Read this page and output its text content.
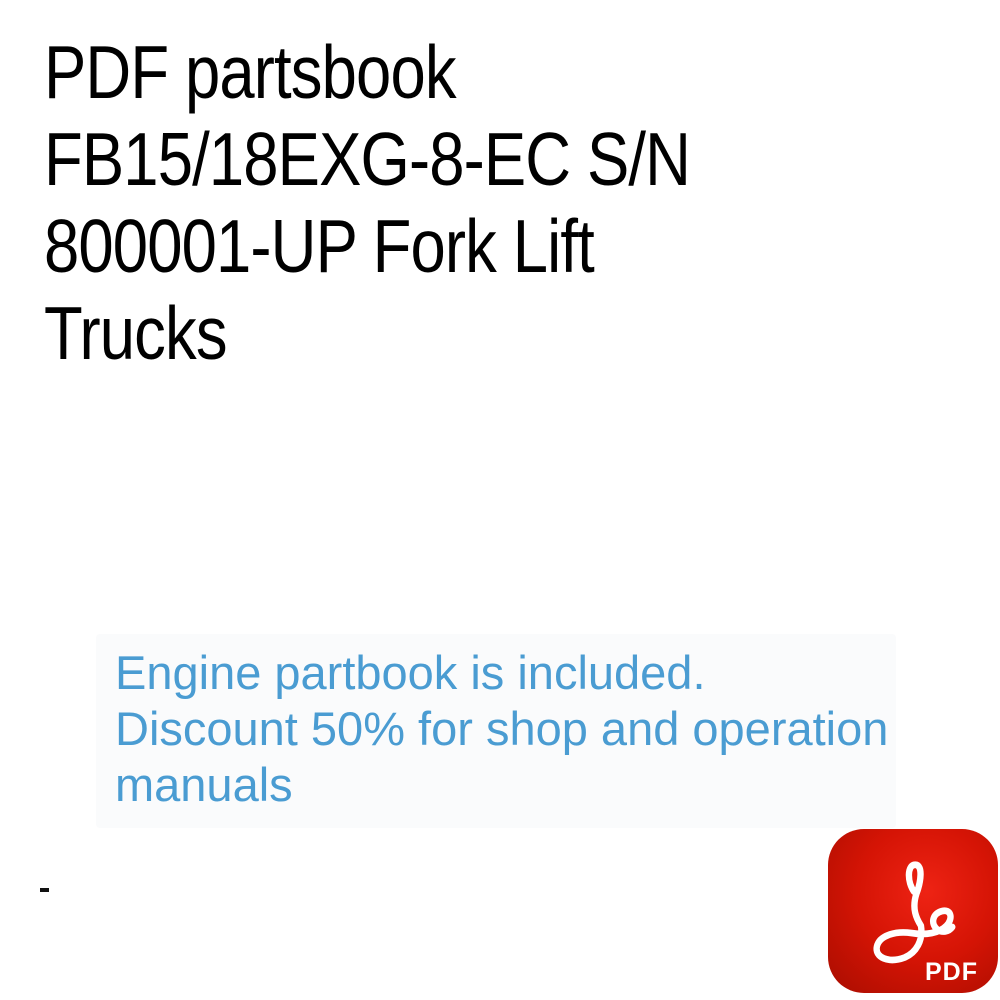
PDF partsbook
FB15/18EXG-8-EC S/N
800001-UP Fork Lift
Trucks
Engine partbook is included.
Discount 50% for shop and operation
manuals
PDF
